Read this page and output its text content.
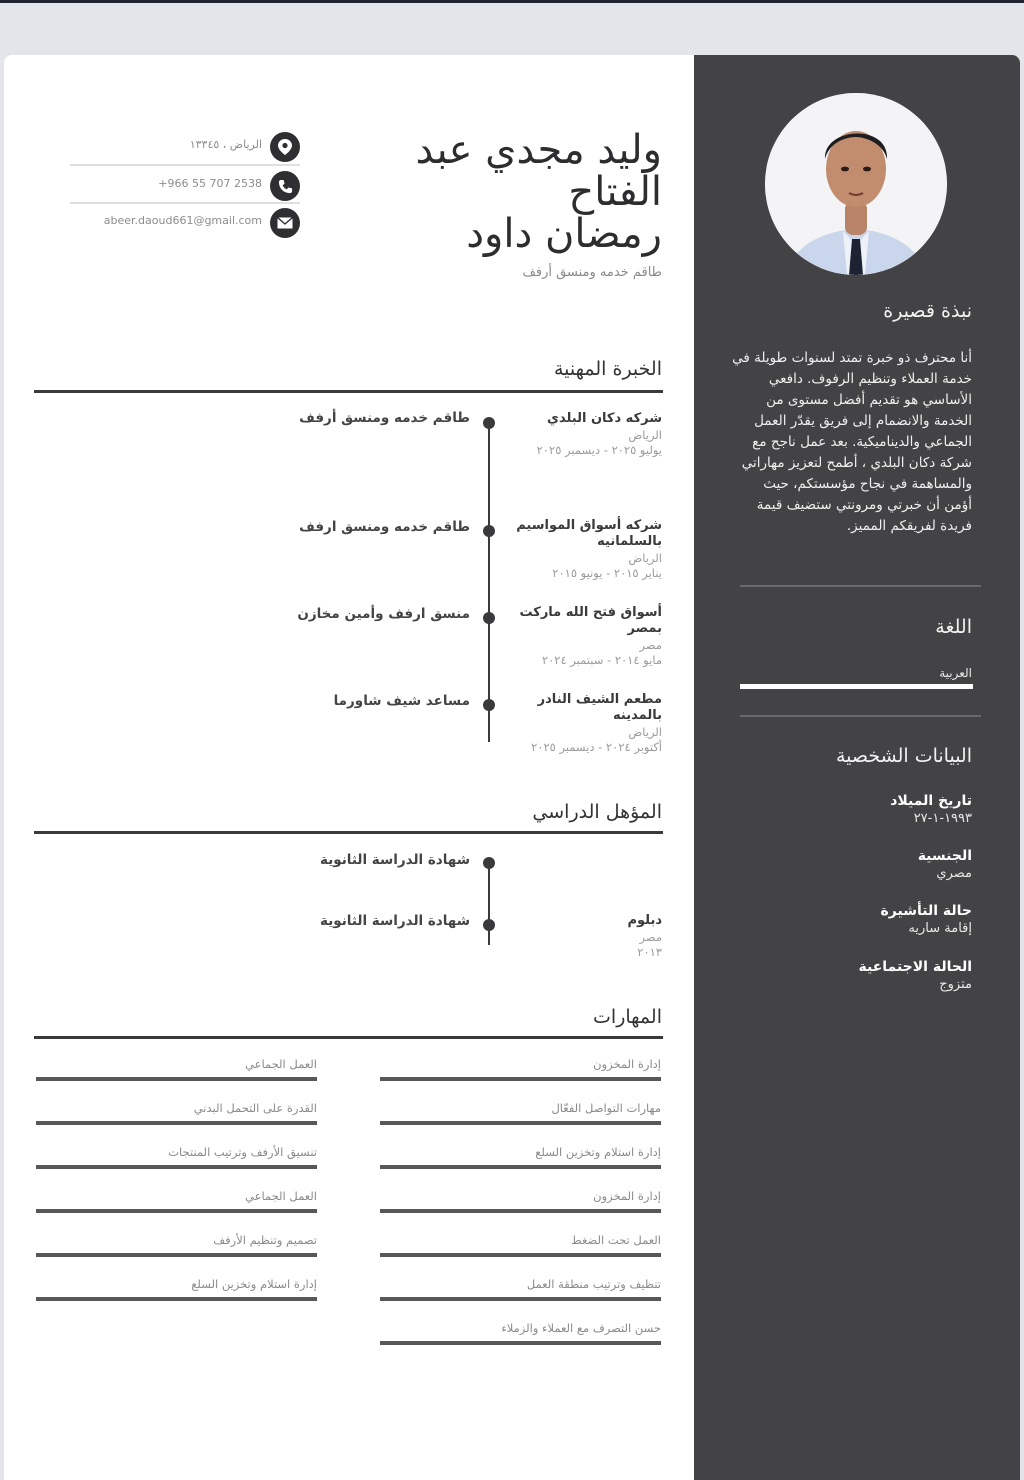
نبذة قصيرة
أنا محترف ذو خبرة تمتد لسنوات طويلة في خدمة العملاء وتنظيم الرفوف. دافعي الأساسي هو تقديم أفضل مستوى من الخدمة والانضمام إلى فريق يقدّر العمل الجماعي والديناميكية. بعد عمل ناجح مع شركة دكان البلدي ، أطمح لتعزيز مهاراتي والمساهمة في نجاح مؤسستكم، حيث أؤمن أن خبرتي ومرونتي ستضيف قيمة فريدة لفريقكم المميز.
اللغة
العربية
البيانات الشخصية
تاريخ الميلاد
١٩٩٣-١-٢٧
الجنسية
مصري
حالة التأشيرة
إقامة ساريه
الحالة الاجتماعية
متزوج
وليد مجدي عبد
الفتاح
رمضان داود
طاقم خدمه ومنسق أرفف
الرياض ، ١٣٣٤٥
+966 55 707 2538
abeer.daoud661@gmail.com
الخبرة المهنية
شركه دكان البلدي
الرياض
يوليو ٢٠٢٥ - ديسمبر ٢٠٢٥
طاقم خدمه ومنسق أرفف
شركه أسواق المواسيم بالسلمانيه
الرياض
يناير ٢٠١٥ - يونيو ٢٠١٥
طاقم خدمه ومنسق ارفف
أسواق فتح الله ماركت بمصر
مصر
مايو ٢٠١٤ - سبتمبر ٢٠٢٤
منسق ارفف وأمين مخازن
مطعم الشيف النادر بالمدينه
الرياض
أكتوبر ٢٠٢٤ - ديسمبر ٢٠٢٥
مساعد شيف شاورما
المؤهل الدراسي
شهادة الدراسة الثانوية
دبلوم
مصر
٢٠١٣
شهادة الدراسة الثانوية
المهارات
إدارة المخزون
مهارات التواصل الفعّال
إدارة استلام وتخزين السلع
إدارة المخزون
العمل تحت الضغط
تنظيف وترتيب منطقة العمل
حسن التصرف مع العملاء والزملاء
العمل الجماعي
القدرة على التحمل البدني
تنسيق الأرفف وترتيب المنتجات
العمل الجماعي
تصميم وتنظيم الأرفف
إدارة استلام وتخزين السلع
